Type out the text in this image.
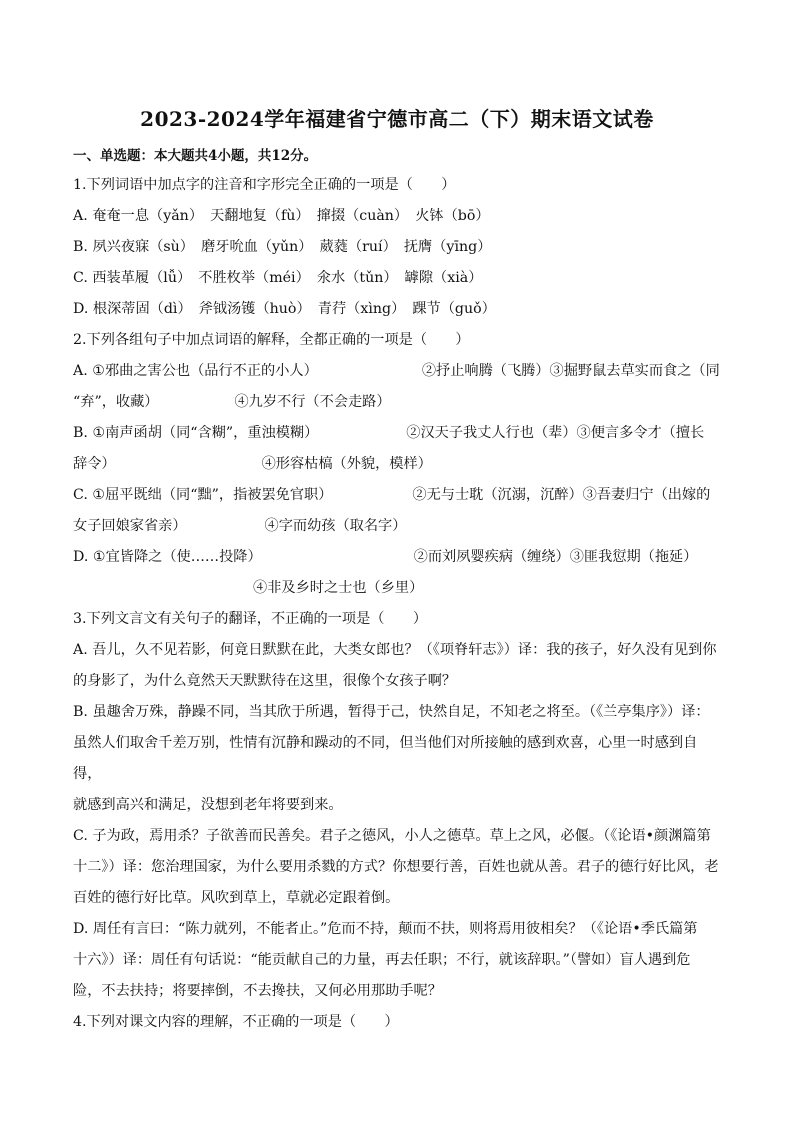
2023-2024学年福建省宁德市高二（下）期末语文试卷
一、单选题：本大题共4小题，共12分。

1.下列词语中加点字的注音和字形完全正确的一项是（　　）

A. 奄奄一息（yǎn）　天翻地复（fù）　撺掇（cuàn）　火钵（bō）

B. 夙兴夜寐（sù）　磨牙吮血（yǔn）　葳蕤（ruí）　抚膺（yīng）

C. 西装革履（lǚ）　不胜枚举（méi）　氽水（tǔn）　罅隙（xià）

D. 根深蒂固（dì）　斧钺汤镬（huò）　青荇（xìng）　踝节（guǒ）

2.下列各组句子中加点词语的解释，全都正确的一项是（　　）

A. ①邪曲之害公也（品行不正的小人）	②抒止响腾（飞腾）③掘野鼠去草实而食之（同

“弃”，收藏）	④九岁不行（不会走路）

B. ①南声函胡（同“含糊”，重浊模糊）	②汉天子我丈人行也（辈）③便言多令才（擅长

辞令）	④形容枯槁（外貌，模样）

C. ①屈平既绌（同“黜”，指被罢免官职）	②无与士耽（沉溺，沉醉）③吾妻归宁（出嫁的

女子回娘家省亲）	④字而幼孩（取名字）

D. ①宜皆降之（使……投降）	②而刘夙婴疾病（缠绕）③匪我愆期（拖延）

④非及乡时之士也（乡里）

3.下列文言文有关句子的翻译，不正确的一项是（　　）

A. 吾儿，久不见若影，何竟日默默在此，大类女郎也？（《项脊轩志》）译：我的孩子，好久没有见到你

的身影了，为什么竟然天天默默待在这里，很像个女孩子啊？

B. 虽趣舍万殊，静躁不同，当其欣于所遇，暂得于己，快然自足，不知老之将至。（《兰亭集序》）译：

虽然人们取舍千差万别，性情有沉静和躁动的不同，但当他们对所接触的感到欢喜，心里一时感到自得，

就感到高兴和满足，没想到老年将要到来。

C. 子为政，焉用杀？子欲善而民善矣。君子之德风，小人之德草。草上之风，必偃。（《论语•颜渊篇第

十二》）译：您治理国家，为什么要用杀戮的方式？你想要行善，百姓也就从善。君子的德行好比风，老

百姓的德行好比草。风吹到草上，草就必定跟着倒。

D. 周任有言曰：“陈力就列，不能者止。”危而不持，颠而不扶，则将焉用彼相矣？（《论语•季氏篇第

十六》）译：周任有句话说：“能贡献自己的力量，再去任职；不行，就该辞职。”（譬如）盲人遇到危

险，不去扶持；将要摔倒，不去搀扶，又何必用那助手呢？

4.下列对课文内容的理解，不正确的一项是（　　）
